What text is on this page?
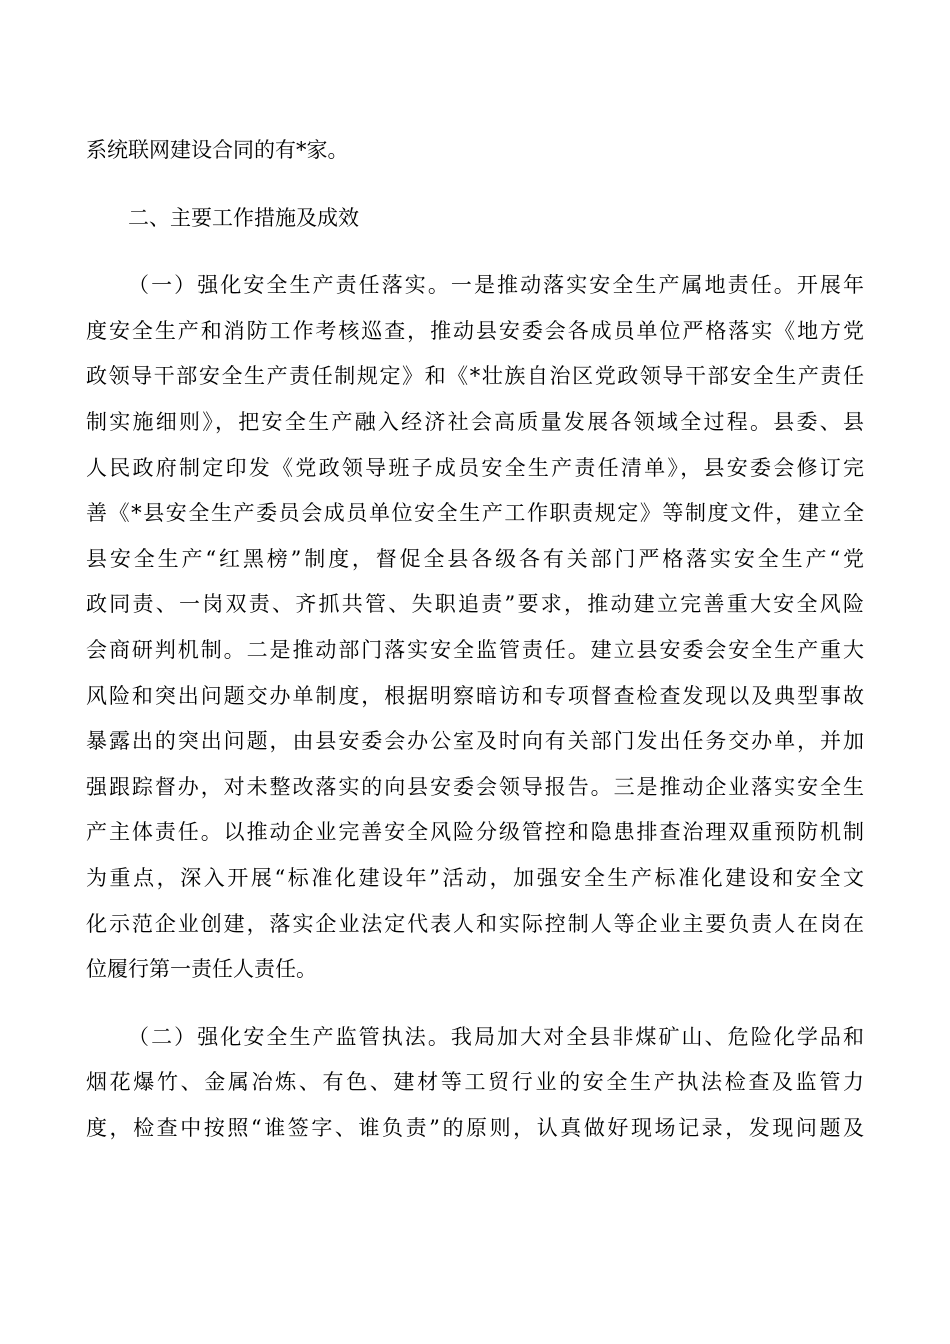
系统联网建设合同的有*家。
二、主要工作措施及成效
（一）强化安全生产责任落实。一是推动落实安全生产属地责任。开展年
度安全生产和消防工作考核巡查，推动县安委会各成员单位严格落实《地方党
政领导干部安全生产责任制规定》和《*壮族自治区党政领导干部安全生产责任
制实施细则》，把安全生产融入经济社会高质量发展各领域全过程。县委、县
人民政府制定印发《党政领导班子成员安全生产责任清单》，县安委会修订完
善《*县安全生产委员会成员单位安全生产工作职责规定》等制度文件，建立全
县安全生产“红黑榜”制度，督促全县各级各有关部门严格落实安全生产“党
政同责、一岗双责、齐抓共管、失职追责”要求，推动建立完善重大安全风险
会商研判机制。二是推动部门落实安全监管责任。建立县安委会安全生产重大
风险和突出问题交办单制度，根据明察暗访和专项督查检查发现以及典型事故
暴露出的突出问题，由县安委会办公室及时向有关部门发出任务交办单，并加
强跟踪督办，对未整改落实的向县安委会领导报告。三是推动企业落实安全生
产主体责任。以推动企业完善安全风险分级管控和隐患排查治理双重预防机制
为重点，深入开展“标准化建设年”活动，加强安全生产标准化建设和安全文
化示范企业创建，落实企业法定代表人和实际控制人等企业主要负责人在岗在
位履行第一责任人责任。
（二）强化安全生产监管执法。我局加大对全县非煤矿山、危险化学品和
烟花爆竹、金属冶炼、有色、建材等工贸行业的安全生产执法检查及监管力
度，检查中按照“谁签字、谁负责”的原则，认真做好现场记录，发现问题及
